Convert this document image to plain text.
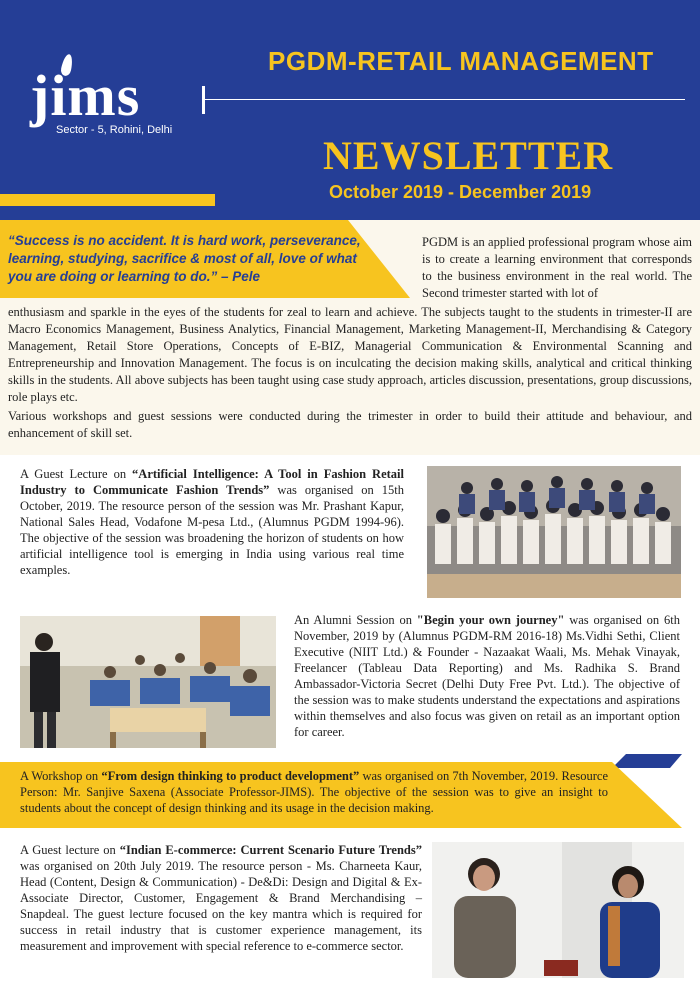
jims
Sector - 5, Rohini, Delhi
PGDM-RETAIL MANAGEMENT
NEWSLETTER
October 2019 - December 2019

“Success is no accident. It is hard work, perseverance, learning, studying, sacrifice & most of all, love of what you are doing or learning to do.” – Pele

PGDM is an applied professional program whose aim is to create a learning environment that corresponds to the business environment in the real world. The Second trimester started with lot of

enthusiasm and sparkle in the eyes of the students for zeal to learn and achieve. The subjects taught to the students in trimester-II are Macro Economics Management, Business Analytics, Financial Management, Marketing Management-II, Merchandising & Category Management, Retail Store Operations, Concepts of E-BIZ, Managerial Communication & Environmental Scanning and Entrepreneurship and Innovation Management. The focus is on inculcating the decision making skills, analytical and critical thinking skills in the students. All above subjects has been taught using case study approach, articles discussion, presentations, group discussions, role plays etc.

Various workshops and guest sessions were conducted during the trimester in order to build their attitude and behaviour, and enhancement of skill set.

A Guest Lecture on “Artificial Intelligence: A Tool in Fashion Retail Industry to Communicate Fashion Trends” was organised on 15th October, 2019. The resource person of the session was Mr. Prashant Kapur, National Sales Head, Vodafone M-pesa Ltd., (Alumnus PGDM 1994-96). The objective of the session was broadening the horizon of students on how artificial intelligence tool is emerging in India using various real time examples.

An Alumni Session on "Begin your own journey" was organised on 6th November, 2019 by (Alumnus PGDM-RM 2016-18) Ms.Vidhi Sethi, Client Executive (NIIT Ltd.) & Founder - Nazaakat Waali, Ms. Mehak Vinayak, Freelancer (Tableau Data Reporting) and Ms. Radhika S. Brand Ambassador-Victoria Secret (Delhi Duty Free Pvt. Ltd.). The objective of the session was to make students understand the expectations and aspirations within themselves and also focus was given on retail as an important option for career.

A Workshop on “From design thinking to product development” was organised on 7th November, 2019. Resource Person: Mr. Sanjive Saxena (Associate Professor-JIMS). The objective of the session was to give an insight to students about the concept of design thinking and its usage in the decision making.

A Guest lecture on “Indian E-commerce: Current Scenario Future Trends” was organised on 20th July 2019. The resource person - Ms. Charneeta Kaur, Head (Content, Design & Communication) - De&Di: Design and Digital & Ex-Associate Director, Customer, Engagement & Brand Merchandising – Snapdeal. The guest lecture focused on the key mantra which is required for success in retail industry that is customer experience management, its measurement and improvement with special reference to e-commerce sector.
